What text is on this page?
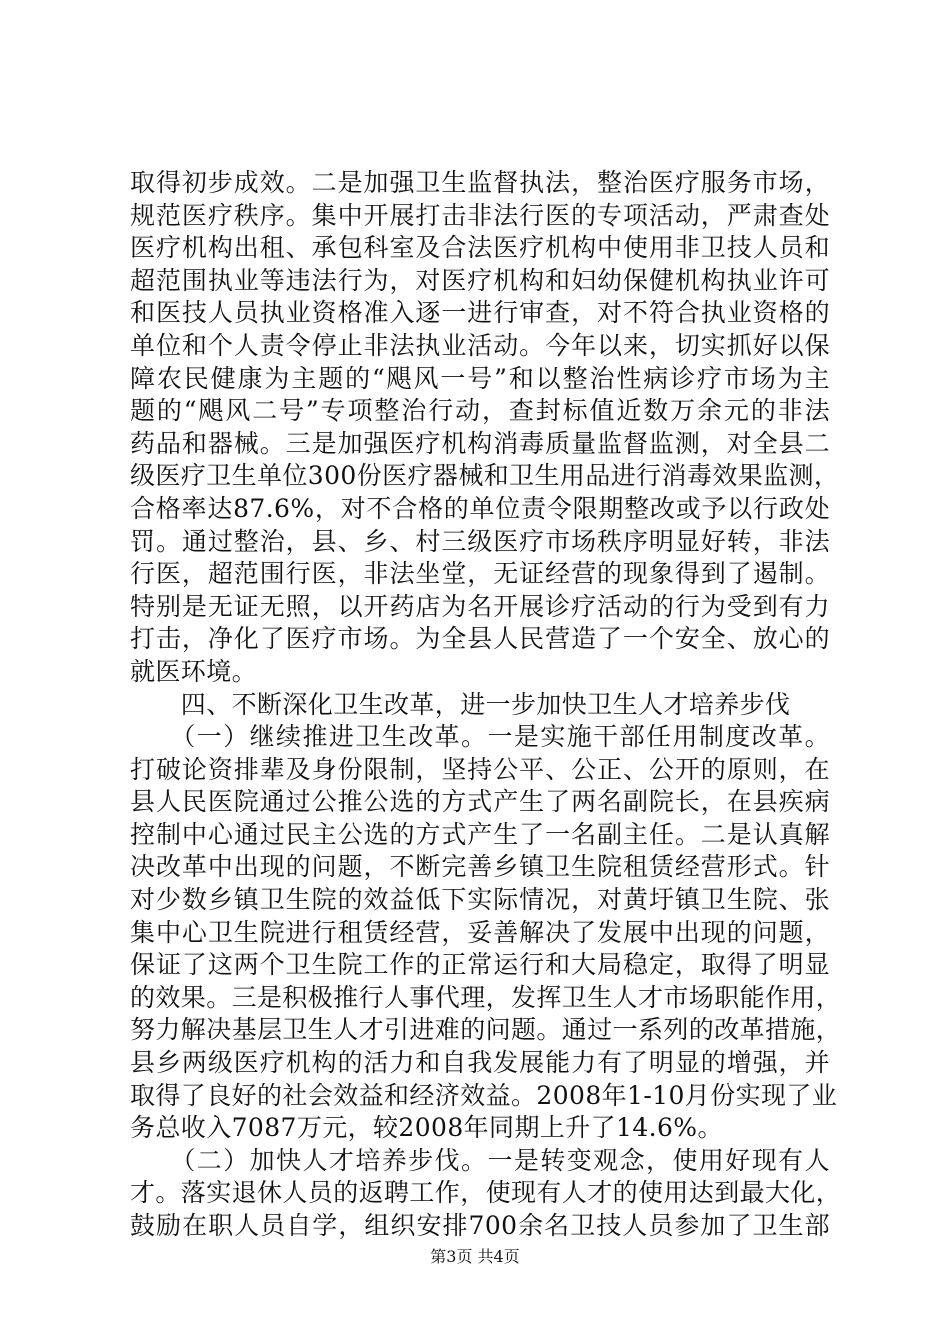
取得初步成效。二是加强卫生监督执法，整治医疗服务市场，
规范医疗秩序。集中开展打击非法行医的专项活动，严肃查处
医疗机构出租、承包科室及合法医疗机构中使用非卫技人员和
超范围执业等违法行为，对医疗机构和妇幼保健机构执业许可
和医技人员执业资格准入逐一进行审查，对不符合执业资格的
单位和个人责令停止非法执业活动。今年以来，切实抓好以保
障农民健康为主题的“飓风一号”和以整治性病诊疗市场为主
题的“飓风二号”专项整治行动，查封标值近数万余元的非法
药品和器械。三是加强医疗机构消毒质量监督监测，对全县二
级医疗卫生单位300份医疗器械和卫生用品进行消毒效果监测，
合格率达87.6%，对不合格的单位责令限期整改或予以行政处
罚。通过整治，县、乡、村三级医疗市场秩序明显好转，非法
行医，超范围行医，非法坐堂，无证经营的现象得到了遏制。
特别是无证无照，以开药店为名开展诊疗活动的行为受到有力
打击，净化了医疗市场。为全县人民营造了一个安全、放心的
就医环境。
　　四、不断深化卫生改革，进一步加快卫生人才培养步伐
　　（一）继续推进卫生改革。一是实施干部任用制度改革。
打破论资排辈及身份限制，坚持公平、公正、公开的原则，在
县人民医院通过公推公选的方式产生了两名副院长，在县疾病
控制中心通过民主公选的方式产生了一名副主任。二是认真解
决改革中出现的问题，不断完善乡镇卫生院租赁经营形式。针
对少数乡镇卫生院的效益低下实际情况，对黄圩镇卫生院、张
集中心卫生院进行租赁经营，妥善解决了发展中出现的问题，
保证了这两个卫生院工作的正常运行和大局稳定，取得了明显
的效果。三是积极推行人事代理，发挥卫生人才市场职能作用，
努力解决基层卫生人才引进难的问题。通过一系列的改革措施，
县乡两级医疗机构的活力和自我发展能力有了明显的增强，并
取得了良好的社会效益和经济效益。2008年1-10月份实现了业
务总收入7087万元，较2008年同期上升了14.6%。
　　（二）加快人才培养步伐。一是转变观念，使用好现有人
才。落实退休人员的返聘工作，使现有人才的使用达到最大化，
鼓励在职人员自学，组织安排700余名卫技人员参加了卫生部
第3页 共4页
